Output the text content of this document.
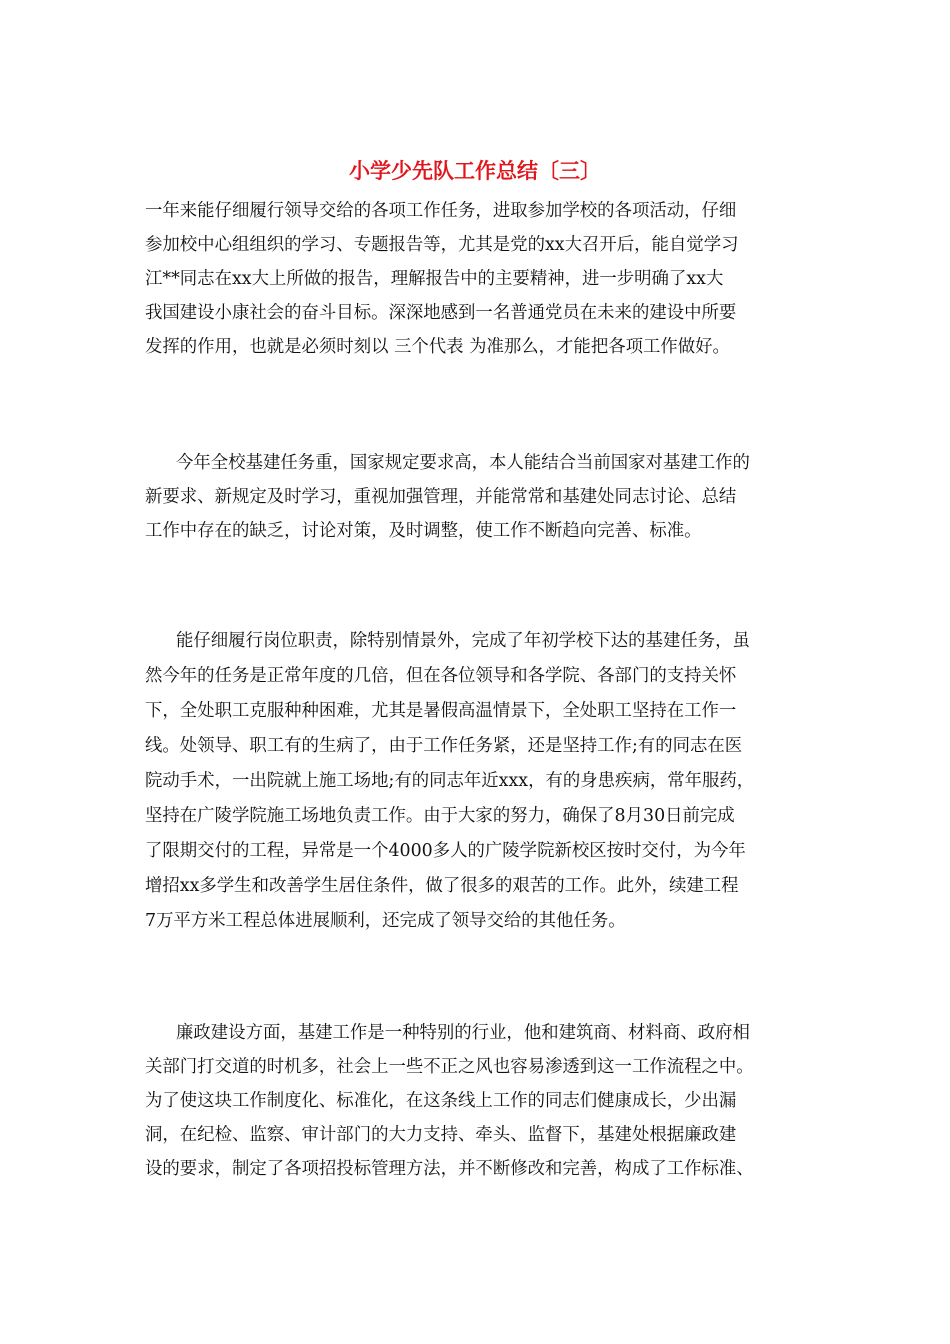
小学少先队工作总结〔三〕
一年来能仔细履行领导交给的各项工作任务，进取参加学校的各项活动，仔细
参加校中心组组织的学习、专题报告等，尤其是党的xx大召开后，能自觉学习
江**同志在xx大上所做的报告，理解报告中的主要精神，进一步明确了xx大
我国建设小康社会的奋斗目标。深深地感到一名普通党员在未来的建设中所要
发挥的作用，也就是必须时刻以 三个代表 为准那么，才能把各项工作做好。
今年全校基建任务重，国家规定要求高，本人能结合当前国家对基建工作的
新要求、新规定及时学习，重视加强管理，并能常常和基建处同志讨论、总结
工作中存在的缺乏，讨论对策，及时调整，使工作不断趋向完善、标准。
能仔细履行岗位职责，除特别情景外，完成了年初学校下达的基建任务，虽
然今年的任务是正常年度的几倍，但在各位领导和各学院、各部门的支持关怀
下，全处职工克服种种困难，尤其是暑假高温情景下，全处职工坚持在工作一
线。处领导、职工有的生病了，由于工作任务紧，还是坚持工作;有的同志在医
院动手术，一出院就上施工场地;有的同志年近xxx，有的身患疾病，常年服药，
坚持在广陵学院施工场地负责工作。由于大家的努力，确保了8月30日前完成
了限期交付的工程，异常是一个4000多人的广陵学院新校区按时交付，为今年
增招xx多学生和改善学生居住条件，做了很多的艰苦的工作。此外，续建工程
7万平方米工程总体进展顺利，还完成了领导交给的其他任务。
廉政建设方面，基建工作是一种特别的行业，他和建筑商、材料商、政府相
关部门打交道的时机多，社会上一些不正之风也容易渗透到这一工作流程之中。
为了使这块工作制度化、标准化，在这条线上工作的同志们健康成长，少出漏
洞，在纪检、监察、审计部门的大力支持、牵头、监督下，基建处根据廉政建
设的要求，制定了各项招投标管理方法，并不断修改和完善，构成了工作标准、
